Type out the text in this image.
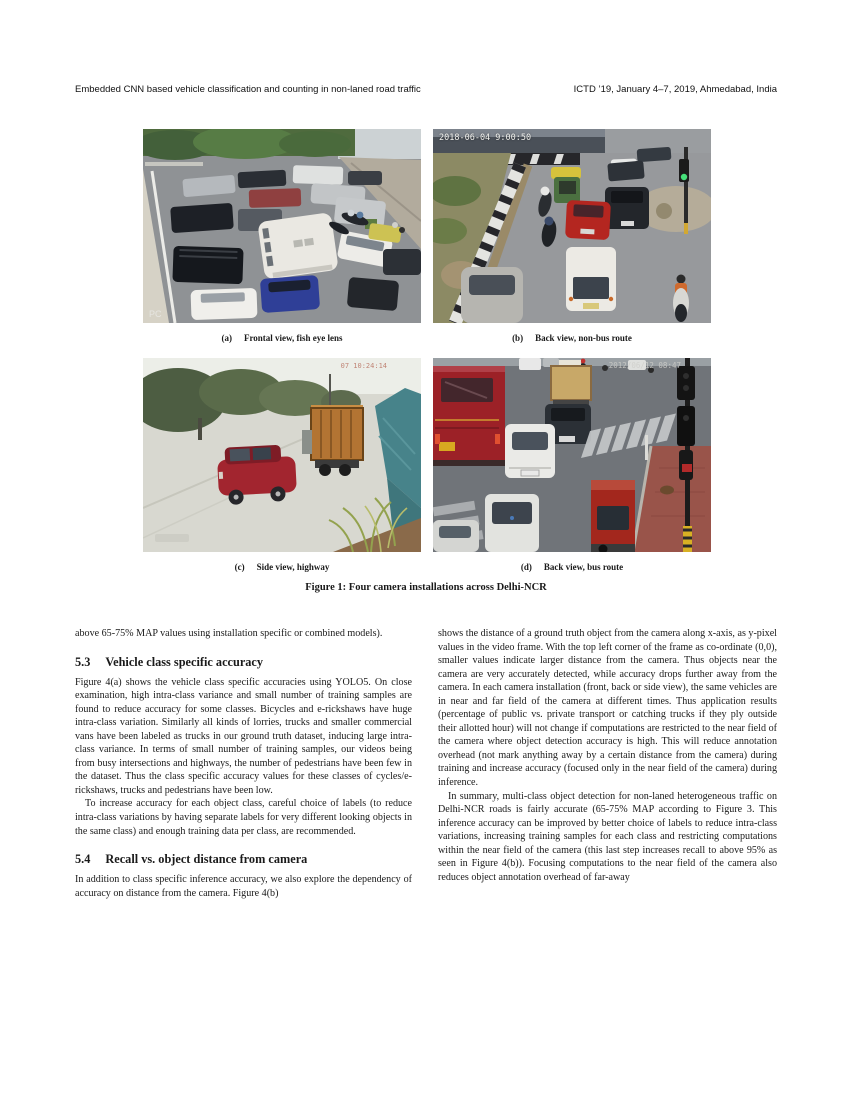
Embedded CNN based vehicle classification and counting in non-laned road traffic	ICTD ’19, January 4–7, 2019, Ahmedabad, India
PC
(a) Frontal view, fish eye lens
2018-06-04 9:00:50
(b) Back view, non-bus route
07 10:24:14
(c) Side view, highway
2012/06/12 08:47
(d) Back view, bus route
Figure 1: Four camera installations across Delhi-NCR

above 65-75% MAP values using installation specific or combined models).

5.3 Vehicle class specific accuracy

Figure 4(a) shows the vehicle class specific accuracies using YOLO5. On close examination, high intra-class variance and small number of training samples are found to reduce accuracy for some classes. Bicycles and e-rickshaws have huge intra-class variation. Similarly all kinds of lorries, trucks and smaller commercial vans have been labeled as trucks in our ground truth dataset, inducing large intra-class variance. In terms of small number of training samples, our videos being from busy intersections and highways, the number of pedestrians have been few in the dataset. Thus the class specific accuracy values for these classes of cycles/e-rickshaws, trucks and pedestrians have been low.

To increase accuracy for each object class, careful choice of labels (to reduce intra-class variations by having separate labels for very different looking objects in the same class) and enough training data per class, are recommended.

5.4 Recall vs. object distance from camera

In addition to class specific inference accuracy, we also explore the dependency of accuracy on distance from the camera. Figure 4(b)

shows the distance of a ground truth object from the camera along x-axis, as y-pixel values in the video frame. With the top left corner of the frame as co-ordinate (0,0), smaller values indicate larger distance from the camera. Thus objects near the camera are very accurately detected, while accuracy drops further away from the camera. In each camera installation (front, back or side view), the same vehicles are in near and far field of the camera at different times. Thus application results (percentage of public vs. private transport or catching trucks if they ply outside their allotted hour) will not change if computations are restricted to the near field of the camera where object detection accuracy is high. This will reduce annotation overhead (not mark anything away by a certain distance from the camera) during training and increase accuracy (focused only in the near field of the camera) during inference.

In summary, multi-class object detection for non-laned heterogeneous traffic on Delhi-NCR roads is fairly accurate (65-75% MAP according to Figure 3. This inference accuracy can be improved by better choice of labels to reduce intra-class variations, increasing training samples for each class and restricting computations within the near field of the camera (this last step increases recall to above 95% as seen in Figure 4(b)). Focusing computations to the near field of the camera also reduces object annotation overhead of far-away
